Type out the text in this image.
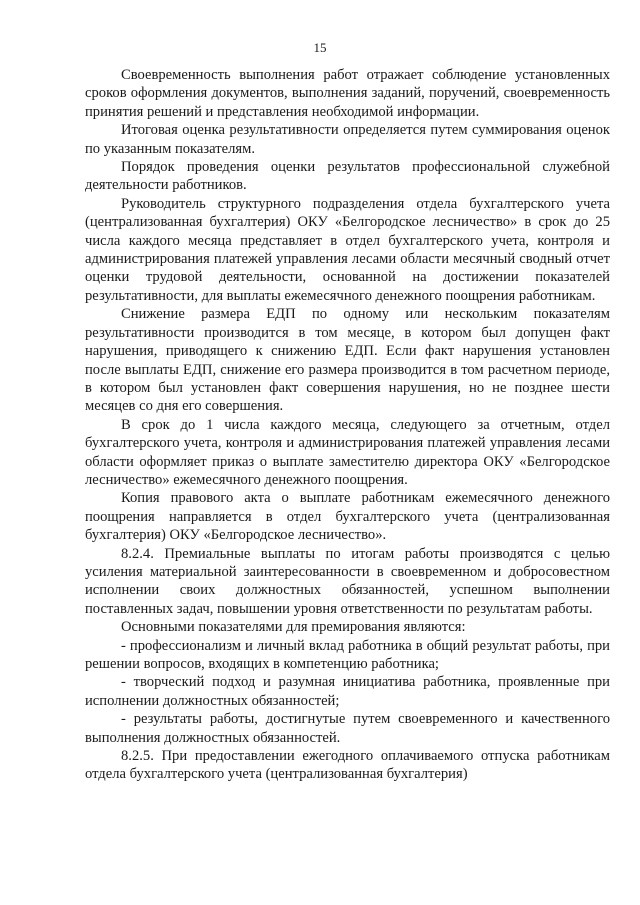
15

Своевременность выполнения работ отражает соблюдение установленных сроков оформления документов, выполнения заданий, поручений, своевременность принятия решений и представления необходимой информации.

Итоговая оценка результативности определяется путем суммирования оценок по указанным показателям.

Порядок проведения оценки результатов профессиональной служебной деятельности работников.

Руководитель структурного подразделения отдела бухгалтерского учета (централизованная бухгалтерия) ОКУ «Белгородское лесничество» в срок до 25 числа каждого месяца представляет в отдел бухгалтерского учета, контроля и администрирования платежей управления лесами области месячный сводный отчет оценки трудовой деятельности, основанной на достижении показателей результативности, для выплаты ежемесячного денежного поощрения работникам.

Снижение размера ЕДП по одному или нескольким показателям результативности производится в том месяце, в котором был допущен факт нарушения, приводящего к снижению ЕДП. Если факт нарушения установлен после выплаты ЕДП, снижение его размера производится в том расчетном периоде, в котором был установлен факт совершения нарушения, но не позднее шести месяцев со дня его совершения.

В срок до 1 числа каждого месяца, следующего за отчетным, отдел бухгалтерского учета, контроля и администрирования платежей управления лесами области оформляет приказ о выплате заместителю директора ОКУ «Белгородское лесничество» ежемесячного денежного поощрения.

Копия правового акта о выплате работникам ежемесячного денежного поощрения направляется в отдел бухгалтерского учета (централизованная бухгалтерия) ОКУ «Белгородское лесничество».

8.2.4. Премиальные выплаты по итогам работы производятся с целью усиления материальной заинтересованности в своевременном и добросовестном исполнении своих должностных обязанностей, успешном выполнении поставленных задач, повышении уровня ответственности по результатам работы.

Основными показателями для премирования являются:

- профессионализм и личный вклад работника в общий результат работы, при решении вопросов, входящих в компетенцию работника;

- творческий подход и разумная инициатива работника, проявленные при исполнении должностных обязанностей;

- результаты работы, достигнутые путем своевременного и качественного выполнения должностных обязанностей.

8.2.5. При предоставлении ежегодного оплачиваемого отпуска работникам отдела бухгалтерского учета (централизованная бухгалтерия)
